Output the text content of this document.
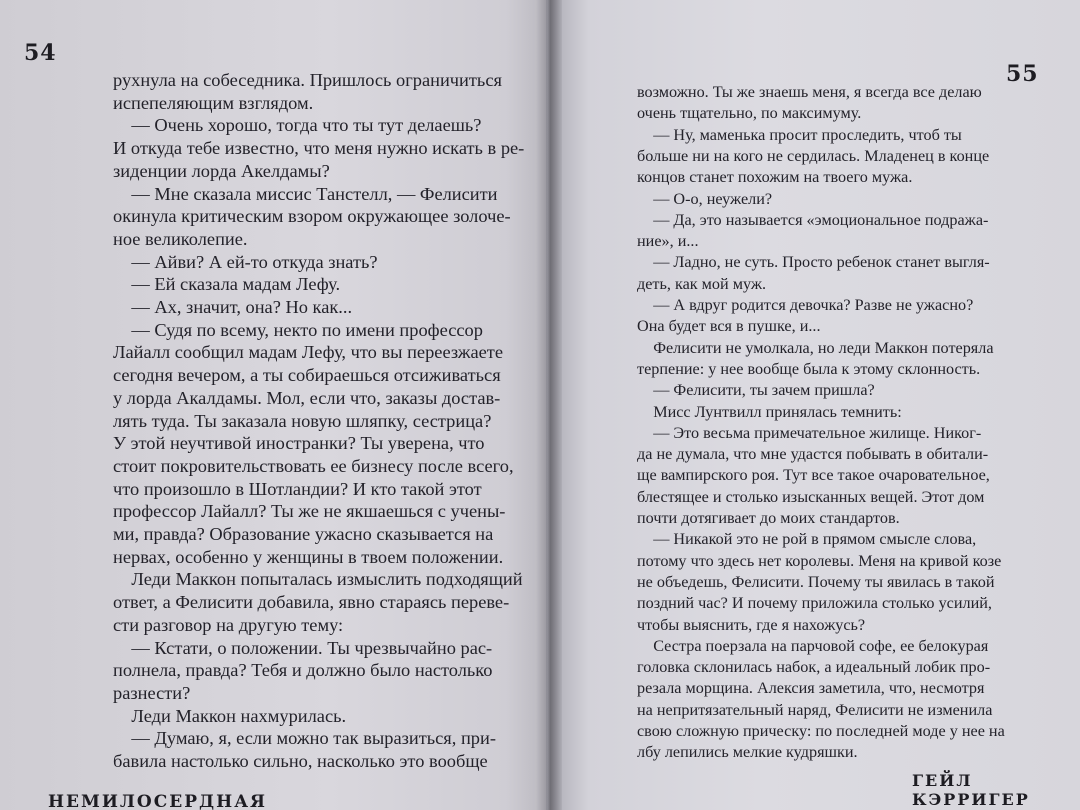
54
рухнула на собеседника. Пришлось ограничиться
испепеляющим взглядом.
— Очень хорошо, тогда что ты тут делаешь?
И откуда тебе известно, что меня нужно искать в ре-
зиденции лорда Акелдамы?
— Мне сказала миссис Танстелл, — Фелисити
окинула критическим взором окружающее золоче-
ное великолепие.
— Айви? А ей-то откуда знать?
— Ей сказала мадам Лефу.
— Ах, значит, она? Но как...
— Судя по всему, некто по имени профессор
Лайалл сообщил мадам Лефу, что вы переезжаете
сегодня вечером, а ты собираешься отсиживаться
у лорда Акалдамы. Мол, если что, заказы достав-
лять туда. Ты заказала новую шляпку, сестрица?
У этой неучтивой иностранки? Ты уверена, что
стоит покровительствовать ее бизнесу после всего,
что произошло в Шотландии? И кто такой этот
профессор Лайалл? Ты же не якшаешься с учены-
ми, правда? Образование ужасно сказывается на
нервах, особенно у женщины в твоем положении.
Леди Маккон попыталась измыслить подходящий
ответ, а Фелисити добавила, явно стараясь переве-
сти разговор на другую тему:
— Кстати, о положении. Ты чрезвычайно рас-
полнела, правда? Тебя и должно было настолько
разнести?
Леди Маккон нахмурилась.
— Думаю, я, если можно так выразиться, при-
бавила настолько сильно, насколько это вообще
НЕМИЛОСЕРДНАЯ
55
возможно. Ты же знаешь меня, я всегда все делаю
очень тщательно, по максимуму.
— Ну, маменька просит проследить, чтоб ты
больше ни на кого не сердилась. Младенец в конце
концов станет похожим на твоего мужа.
— О-о, неужели?
— Да, это называется «эмоциональное подража-
ние», и...
— Ладно, не суть. Просто ребенок станет выгля-
деть, как мой муж.
— А вдруг родится девочка? Разве не ужасно?
Она будет вся в пушке, и...
Фелисити не умолкала, но леди Маккон потеряла
терпение: у нее вообще была к этому склонность.
— Фелисити, ты зачем пришла?
Мисс Лунтвилл принялась темнить:
— Это весьма примечательное жилище. Никог-
да не думала, что мне удастся побывать в обитали-
ще вампирского роя. Тут все такое очаровательное,
блестящее и столько изысканных вещей. Этот дом
почти дотягивает до моих стандартов.
— Никакой это не рой в прямом смысле слова,
потому что здесь нет королевы. Меня на кривой козе
не объедешь, Фелисити. Почему ты явилась в такой
поздний час? И почему приложила столько усилий,
чтобы выяснить, где я нахожусь?
Сестра поерзала на парчовой софе, ее белокурая
головка склонилась набок, а идеальный лобик про-
резала морщина. Алексия заметила, что, несмотря
на непритязательный наряд, Фелисити не изменила
свою сложную прическу: по последней моде у нее на
лбу лепились мелкие кудряшки.
ГЕЙЛ КЭРРИГЕР
